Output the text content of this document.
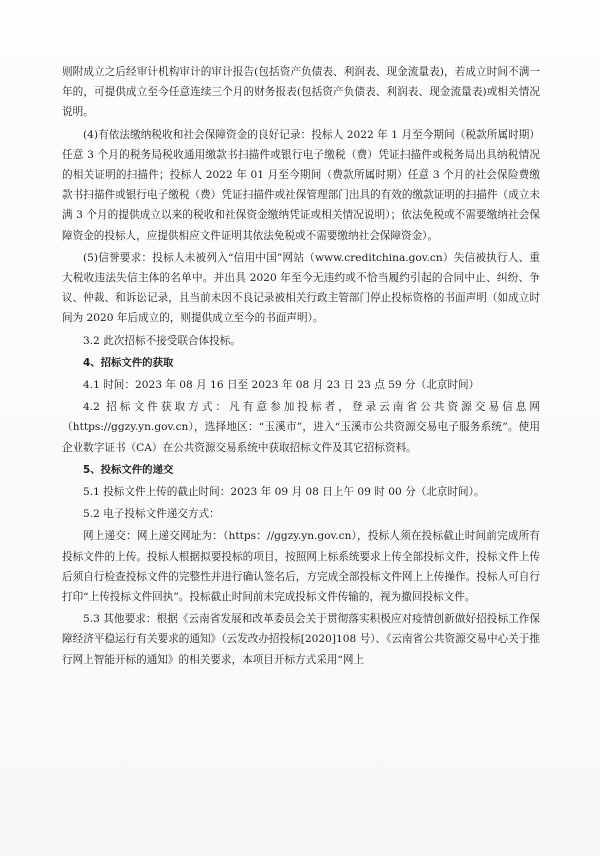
则附成立之后经审计机构审计的审计报告(包括资产负债表、利润表、现金流量表)，若成立时间不满一年的，可提供成立至今任意连续三个月的财务报表(包括资产负债表、利润表、现金流量表)或相关情况说明。

(4)有依法缴纳税收和社会保障资金的良好记录：投标人 2022 年 1 月至今期间（税款所属时期）任意 3 个月的税务局税收通用缴款书扫描件或银行电子缴税（费）凭证扫描件或税务局出具纳税情况的相关证明的扫描件；投标人 2022 年 01 月至今期间（费款所属时期）任意 3 个月的社会保险费缴款书扫描件或银行电子缴税（费）凭证扫描件或社保管理部门出具的有效的缴款证明的扫描件（成立未满 3 个月的提供成立以来的税收和社保资金缴纳凭证或相关情况说明）；依法免税或不需要缴纳社会保障资金的投标人，应提供相应文件证明其依法免税或不需要缴纳社会保障资金）。

(5)信誉要求：投标人未被列入“信用中国”网站（www.creditchina.gov.cn）失信被执行人、重大税收违法失信主体的名单中。并出具 2020 年至今无违约或不恰当履约引起的合同中止、纠纷、争议、仲裁、和诉讼记录，且当前未因不良记录被相关行政主管部门停止投标资格的书面声明（如成立时间为 2020 年后成立的，则提供成立至今的书面声明）。

3.2 此次招标不接受联合体投标。

4、招标文件的获取

4.1 时间：2023 年 08 月 16 日至 2023 年 08 月 23 日 23 点 59 分（北京时间）

4.2 招标文件获取方式：凡有意参加投标者，登录云南省公共资源交易信息网（https://ggzy.yn.gov.cn），选择地区：“玉溪市”，进入“玉溪市公共资源交易电子服务系统”。使用企业数字证书（CA）在公共资源交易系统中获取招标文件及其它招标资料。

5、投标文件的递交

5.1 投标文件上传的截止时间：2023 年 09 月 08 日上午 09 时 00 分（北京时间）。

5.2 电子投标文件递交方式：

网上递交：网上递交网址为：（https：//ggzy.yn.gov.cn），投标人须在投标截止时间前完成所有投标文件的上传。投标人根据拟要投标的项目，按照网上标系统要求上传全部投标文件，投标文件上传后须自行检查投标文件的完整性并进行确认签名后，方完成全部投标文件网上上传操作。投标人可自行打印“上传投标文件回执”。投标截止时间前未完成投标文件传输的，视为撤回投标文件。

5.3 其他要求：根据《云南省发展和改革委员会关于贯彻落实积极应对疫情创新做好招投标工作保障经济平稳运行有关要求的通知》（云发改办招投标[2020]108 号）、《云南省公共资源交易中心关于推行网上智能开标的通知》的相关要求，本项目开标方式采用“网上
